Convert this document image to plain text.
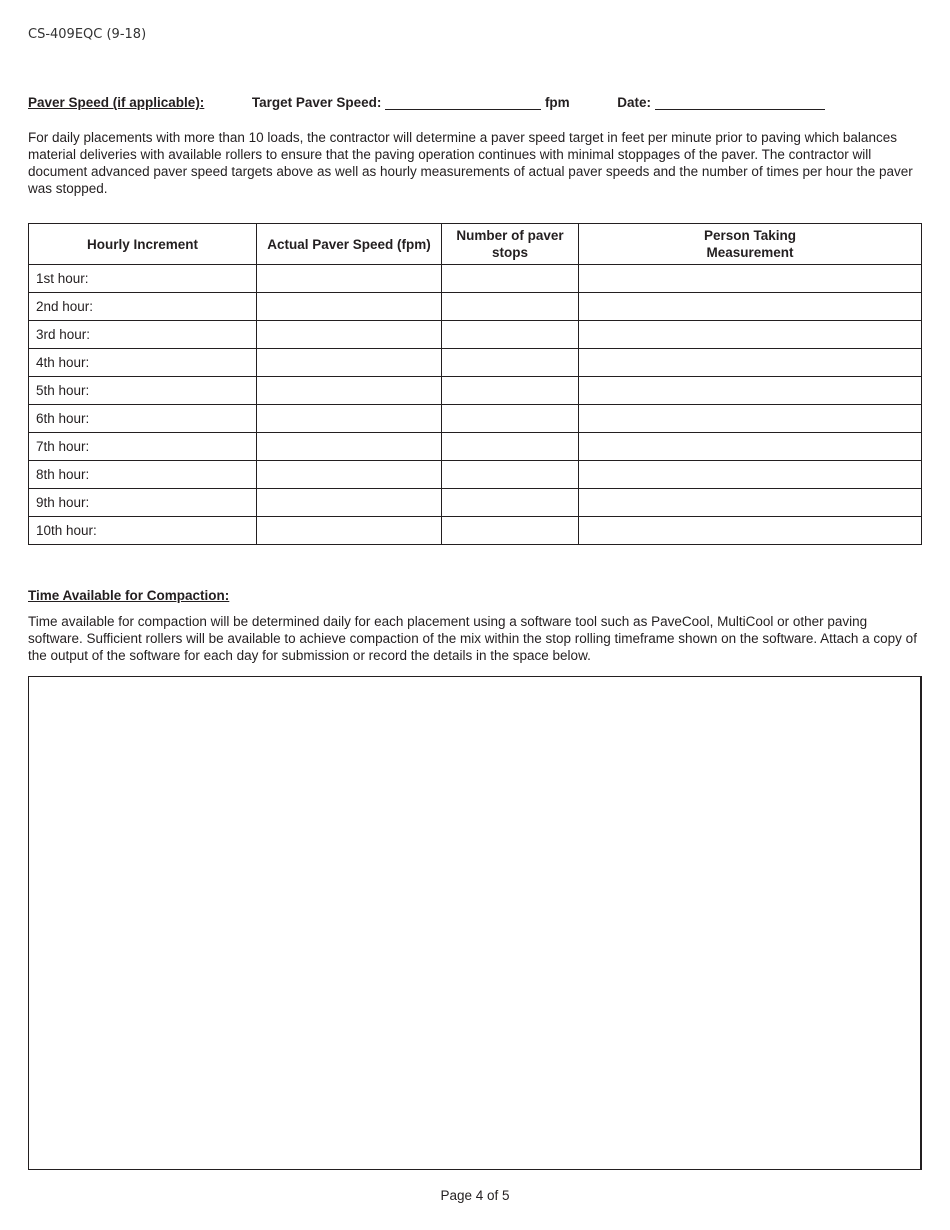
CS-409EQC (9-18)
Paver Speed (if applicable):	Target Paver Speed:	fpm	Date:

For daily placements with more than 10 loads, the contractor will determine a paver speed target in feet per minute prior to paving which balances material deliveries with available rollers to ensure that the paving operation continues with minimal stoppages of the paver. The contractor will document advanced paver speed targets above as well as hourly measurements of actual paver speeds and the number of times per hour the paver was stopped.

Hourly Increment	Actual Paver Speed (fpm)	Number of paver stops	Person Taking Measurement
1st hour:			
2nd hour:			
3rd hour:			
4th hour:			
5th hour:			
6th hour:			
7th hour:			
8th hour:			
9th hour:			
10th hour:			
Time Available for Compaction:

Time available for compaction will be determined daily for each placement using a software tool such as PaveCool, MultiCool or other paving software. Sufficient rollers will be available to achieve compaction of the mix within the stop rolling timeframe shown on the software. Attach a copy of the output of the software for each day for submission or record the details in the space below.

Page 4 of 5
